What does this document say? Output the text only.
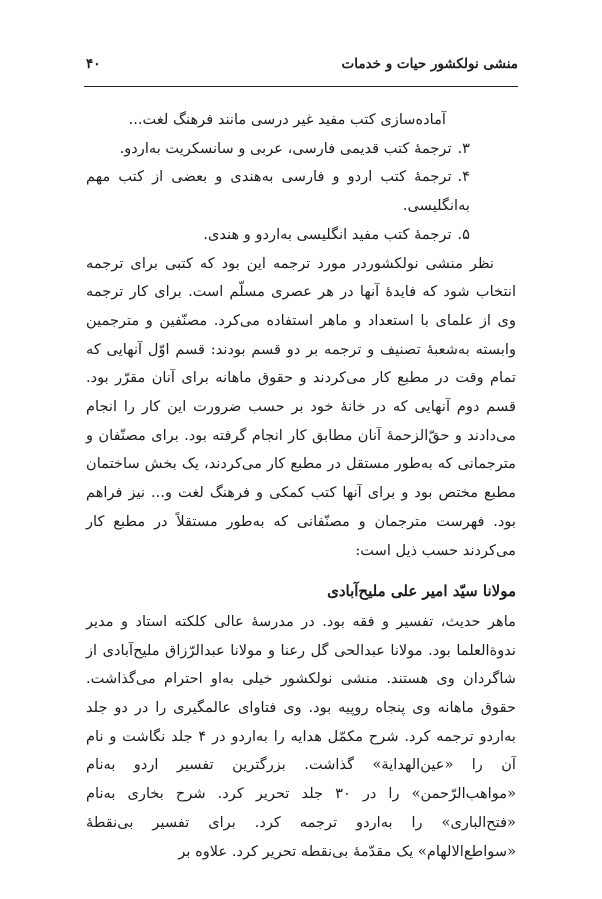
منشی نولکشور حیات و خدمات
۴۰

آماده‌سازی کتب مفید غیر درسی مانند فرهنگ لغت...

۳.ترجمهٔ کتب قدیمی فارسی، عربی و سانسکریت به‌اردو.

۴.ترجمهٔ کتب اردو و فارسی به‌هندی و بعضی از کتب مهم به‌انگلیسی.

۵.ترجمهٔ کتب مفید انگلیسی به‌اردو و هندی.

نظر منشی نولکشوردر مورد ترجمه این بود که کتبی برای ترجمه انتخاب شود که فایدهٔ آنها در هر عصری مسلّم است. برای کار ترجمه وی از علمای با استعداد و ماهر استفاده می‌کرد. مصنّفین و مترجمین وابسته به‌شعبهٔ تصنیف و ترجمه بر دو قسم بودند: قسم اوّل آنهایی که تمام وقت در مطبع کار می‌کردند و حقوق ماهانه برای آنان مقرّر بود. قسم دوم آنهایی که در خانهٔ خود بر حسب ضرورت این کار را انجام می‌دادند و حقّ‌الزحمهٔ آنان مطابق کار انجام گرفته بود. برای مصنّفان و مترجمانی که به‌طور مستقل در مطبع کار می‌کردند، یک بخش ساختمان مطبع مختص بود و برای آنها کتب کمکی و فرهنگ لغت و... نیز فراهم بود. فهرست مترجمان و مصنّفانی که به‌طور مستقلاً در مطبع کار می‌کردند حسب ذیل است:

مولانا سیّد امیر علی ملیح‌آبادی

ماهر حدیث، تفسیر و فقه بود. در مدرسهٔ عالی کلکته استاد و مدیر ندوة‌العلما بود. مولانا عبدالحی گل رعنا و مولانا عبدالرّزاق ملیح‌آبادی از شاگردان وی هستند. منشی نولکشور خیلی به‌او احترام می‌گذاشت. حقوق ماهانه وی پنجاه روپیه بود. وی فتاوای عالمگیری را در دو جلد به‌اردو ترجمه کرد. شرح مکمّل هدایه را به‌اردو در ۴ جلد نگاشت و نام آن را «عین‌الهدایة» گذاشت. بزرگترین تفسیر اردو به‌نام «مواهب‌الرّحمن» را در ۳۰ جلد تحریر کرد. شرح بخاری به‌نام «فتح‌الباری» را به‌اردو ترجمه کرد. برای تفسیر بی‌نقطهٔ «سواطع‌الالهام» یک مقدّمهٔ بی‌نقطه تحریر کرد. علاوه بر
